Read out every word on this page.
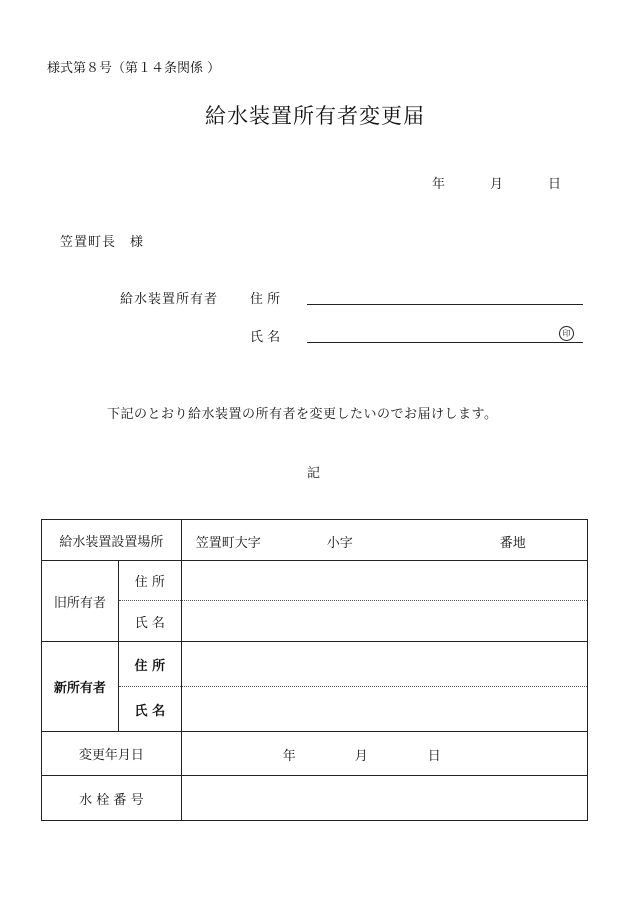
様式第８号（第１４条関係 ）
給水装置所有者変更届
年	月	日
笠置町長　様
給水装置所有者 住 所
氏 名	印
下記のとおり給水装置の所有者を変更したいのでお届けします。
記
給水装置設置場所		笠置町大字 小字 番地

旧所有者	住 所	
	氏 名	
新所有者	住 所	
	氏 名	
変更年月日		年 月 日

水 栓 番 号		
